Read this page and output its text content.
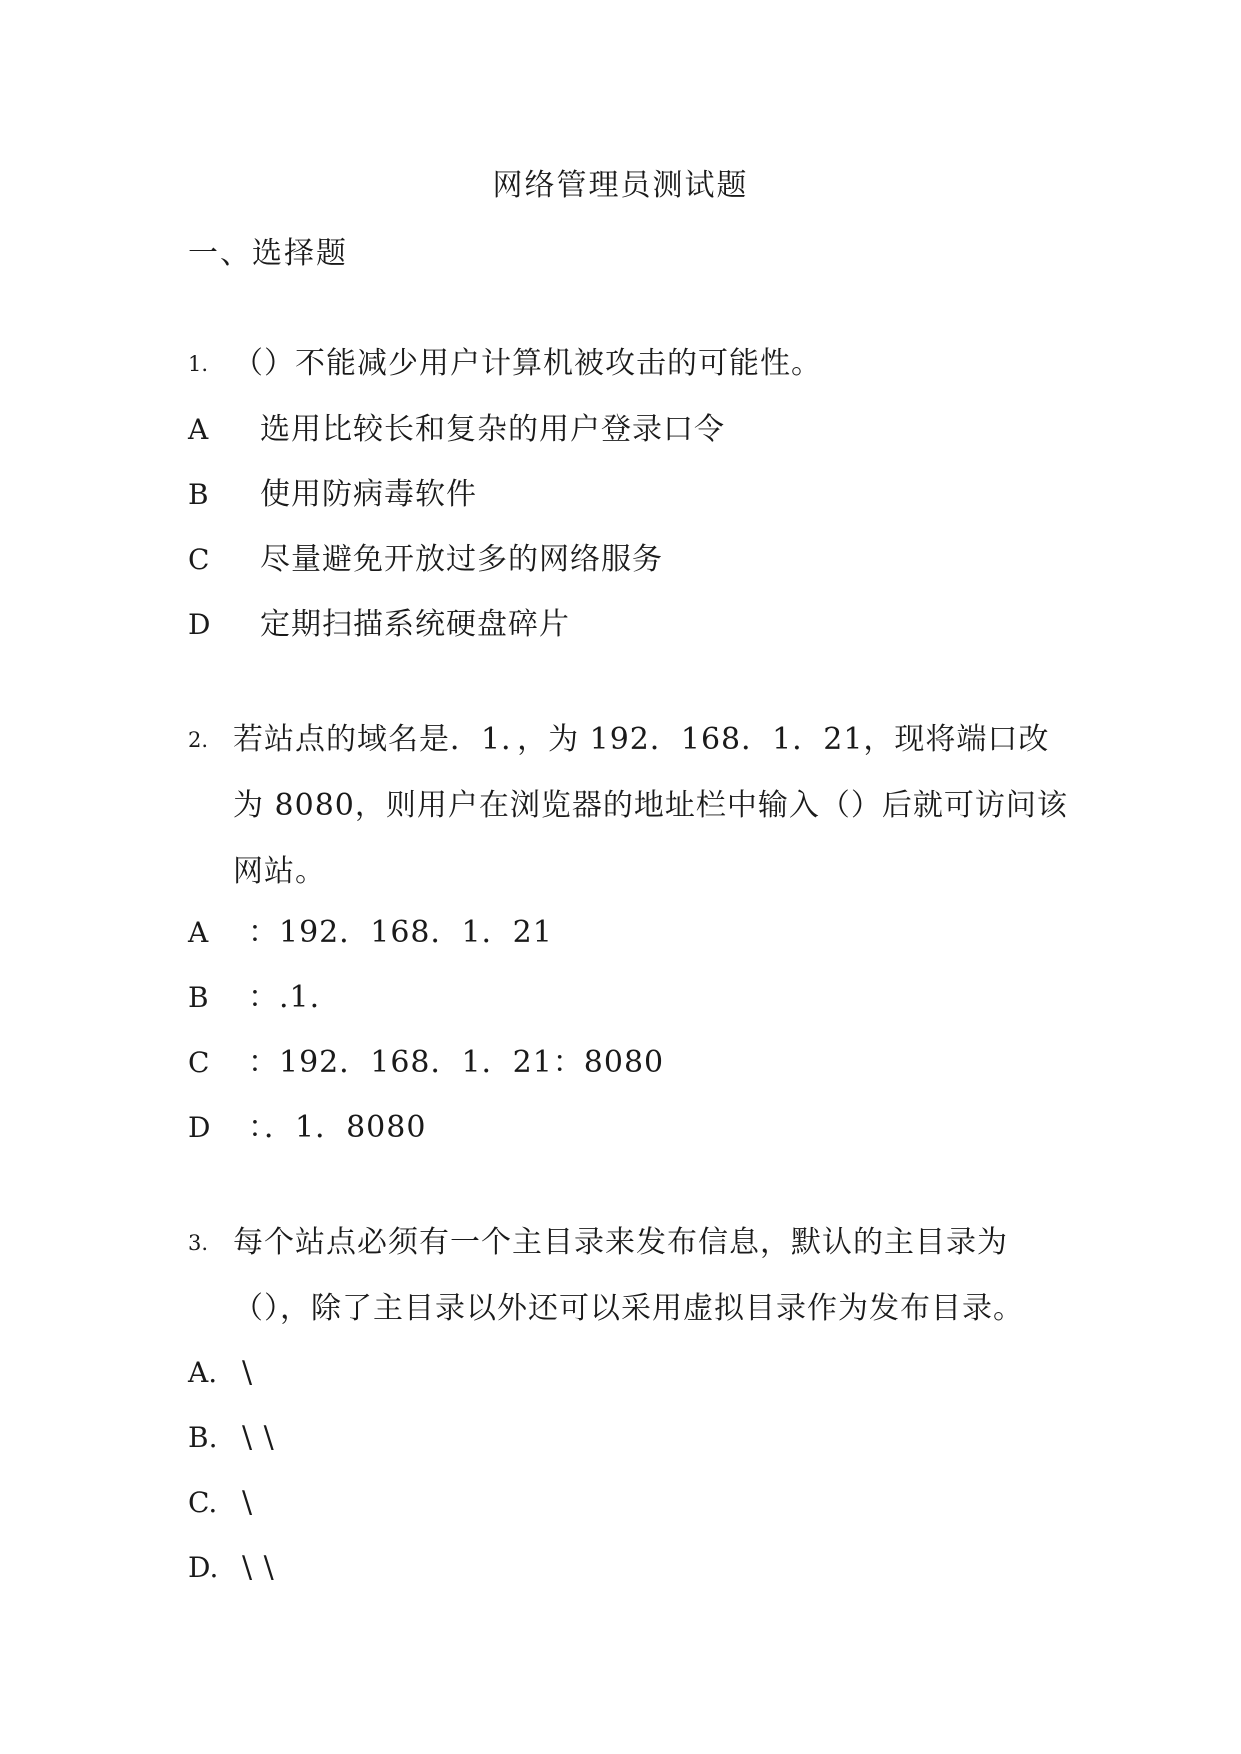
网络管理员测试题
一、选择题
1. （）不能减少用户计算机被攻击的可能性。
A 选用比较长和复杂的用户登录口令
B 使用防病毒软件
C 尽量避免开放过多的网络服务
D 定期扫描系统硬盘碎片
2. 若站点的域名是．1．，为 192．168．1．21，现将端口改为 8080，则用户在浏览器的地址栏中输入（）后就可访问该网站。
A ：192．168．1．21
B ：.1.
C ：192．168．1．21：8080
D ：．1．8080
3. 每个站点必须有一个主目录来发布信息，默认的主目录为（），除了主目录以外还可以采用虚拟目录作为发布目录。
A. \
B. \ \
C. \
D. \ \
